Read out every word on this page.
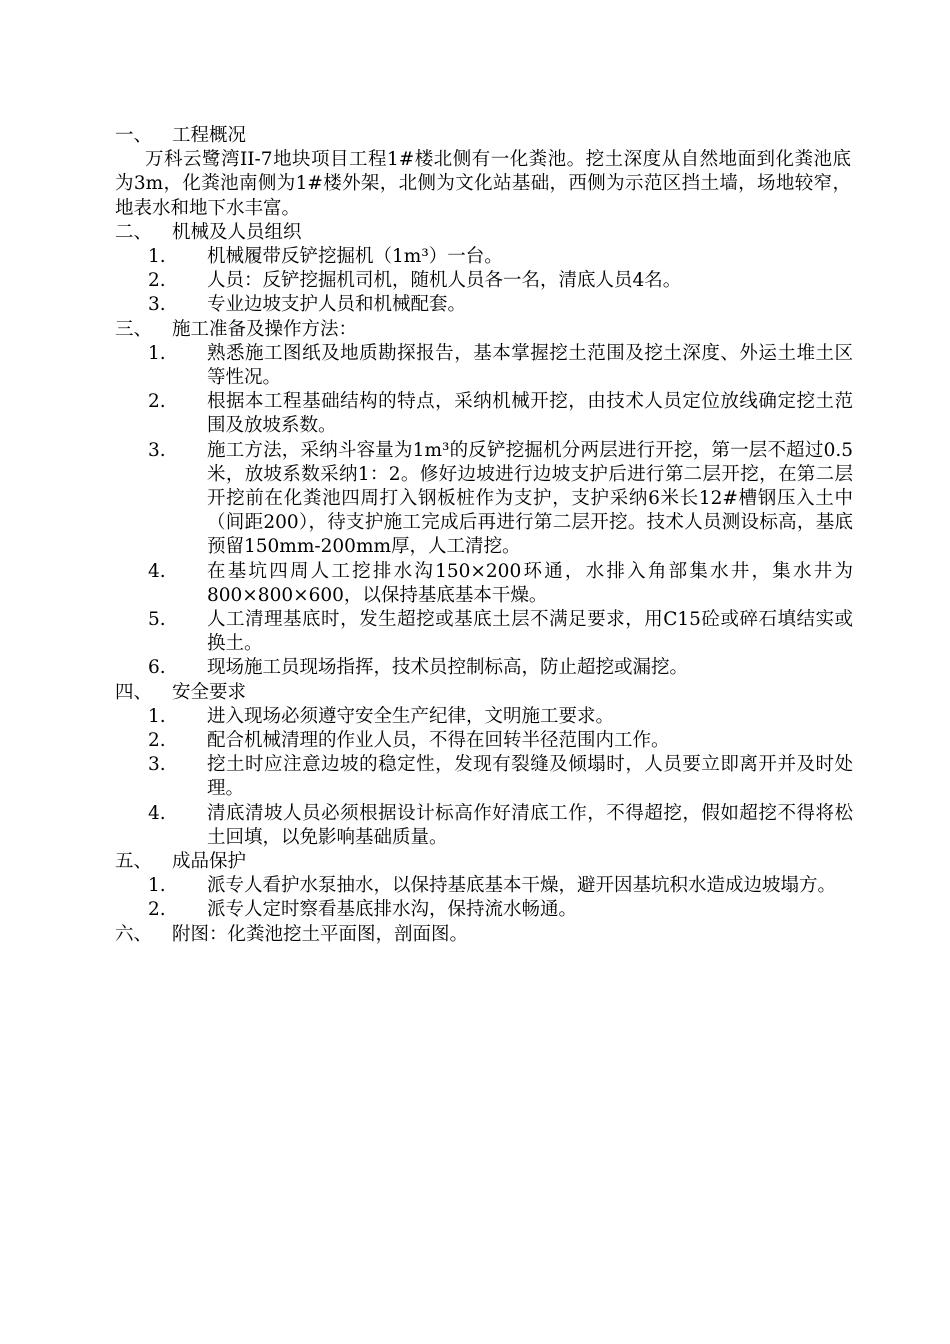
一、	工程概况

万科云鹭湾II-7地块项目工程1#楼北侧有一化粪池。挖土深度从自然地面到化粪池底为3m，化粪池南侧为1#楼外架，北侧为文化站基础，西侧为示范区挡土墙，场地较窄，地表水和地下水丰富。

二、	机械及人员组织
1.	机械履带反铲挖掘机（1m³）一台。
2.	人员：反铲挖掘机司机，随机人员各一名，清底人员4名。
3.	专业边坡支护人员和机械配套。
三、	施工准备及操作方法：
1.	熟悉施工图纸及地质勘探报告，基本掌握挖土范围及挖土深度、外运土堆土区等性况。
2.	根据本工程基础结构的特点，采纳机械开挖，由技术人员定位放线确定挖土范围及放坡系数。
3.	施工方法，采纳斗容量为1m³的反铲挖掘机分两层进行开挖，第一层不超过0.5米，放坡系数采纳1：2。修好边坡进行边坡支护后进行第二层开挖，在第二层开挖前在化粪池四周打入钢板桩作为支护，支护采纳6米长12#槽钢压入土中（间距200），待支护施工完成后再进行第二层开挖。技术人员测设标高，基底预留150mm-200mm厚，人工清挖。
4.	在基坑四周人工挖排水沟150×200环通，水排入角部集水井，集水井为800×800×600，以保持基底基本干燥。
5.	人工清理基底时，发生超挖或基底土层不满足要求，用C15砼或碎石填结实或换土。
6.	现场施工员现场指挥，技术员控制标高，防止超挖或漏挖。
四、	安全要求
1.	进入现场必须遵守安全生产纪律，文明施工要求。
2.	配合机械清理的作业人员，不得在回转半径范围内工作。
3.	挖土时应注意边坡的稳定性，发现有裂缝及倾塌时，人员要立即离开并及时处理。
4.	清底清坡人员必须根据设计标高作好清底工作，不得超挖，假如超挖不得将松土回填，以免影响基础质量。
五、	成品保护
1.	派专人看护水泵抽水，以保持基底基本干燥，避开因基坑积水造成边坡塌方。
2.	派专人定时察看基底排水沟，保持流水畅通。
六、	附图：化粪池挖土平面图，剖面图。
